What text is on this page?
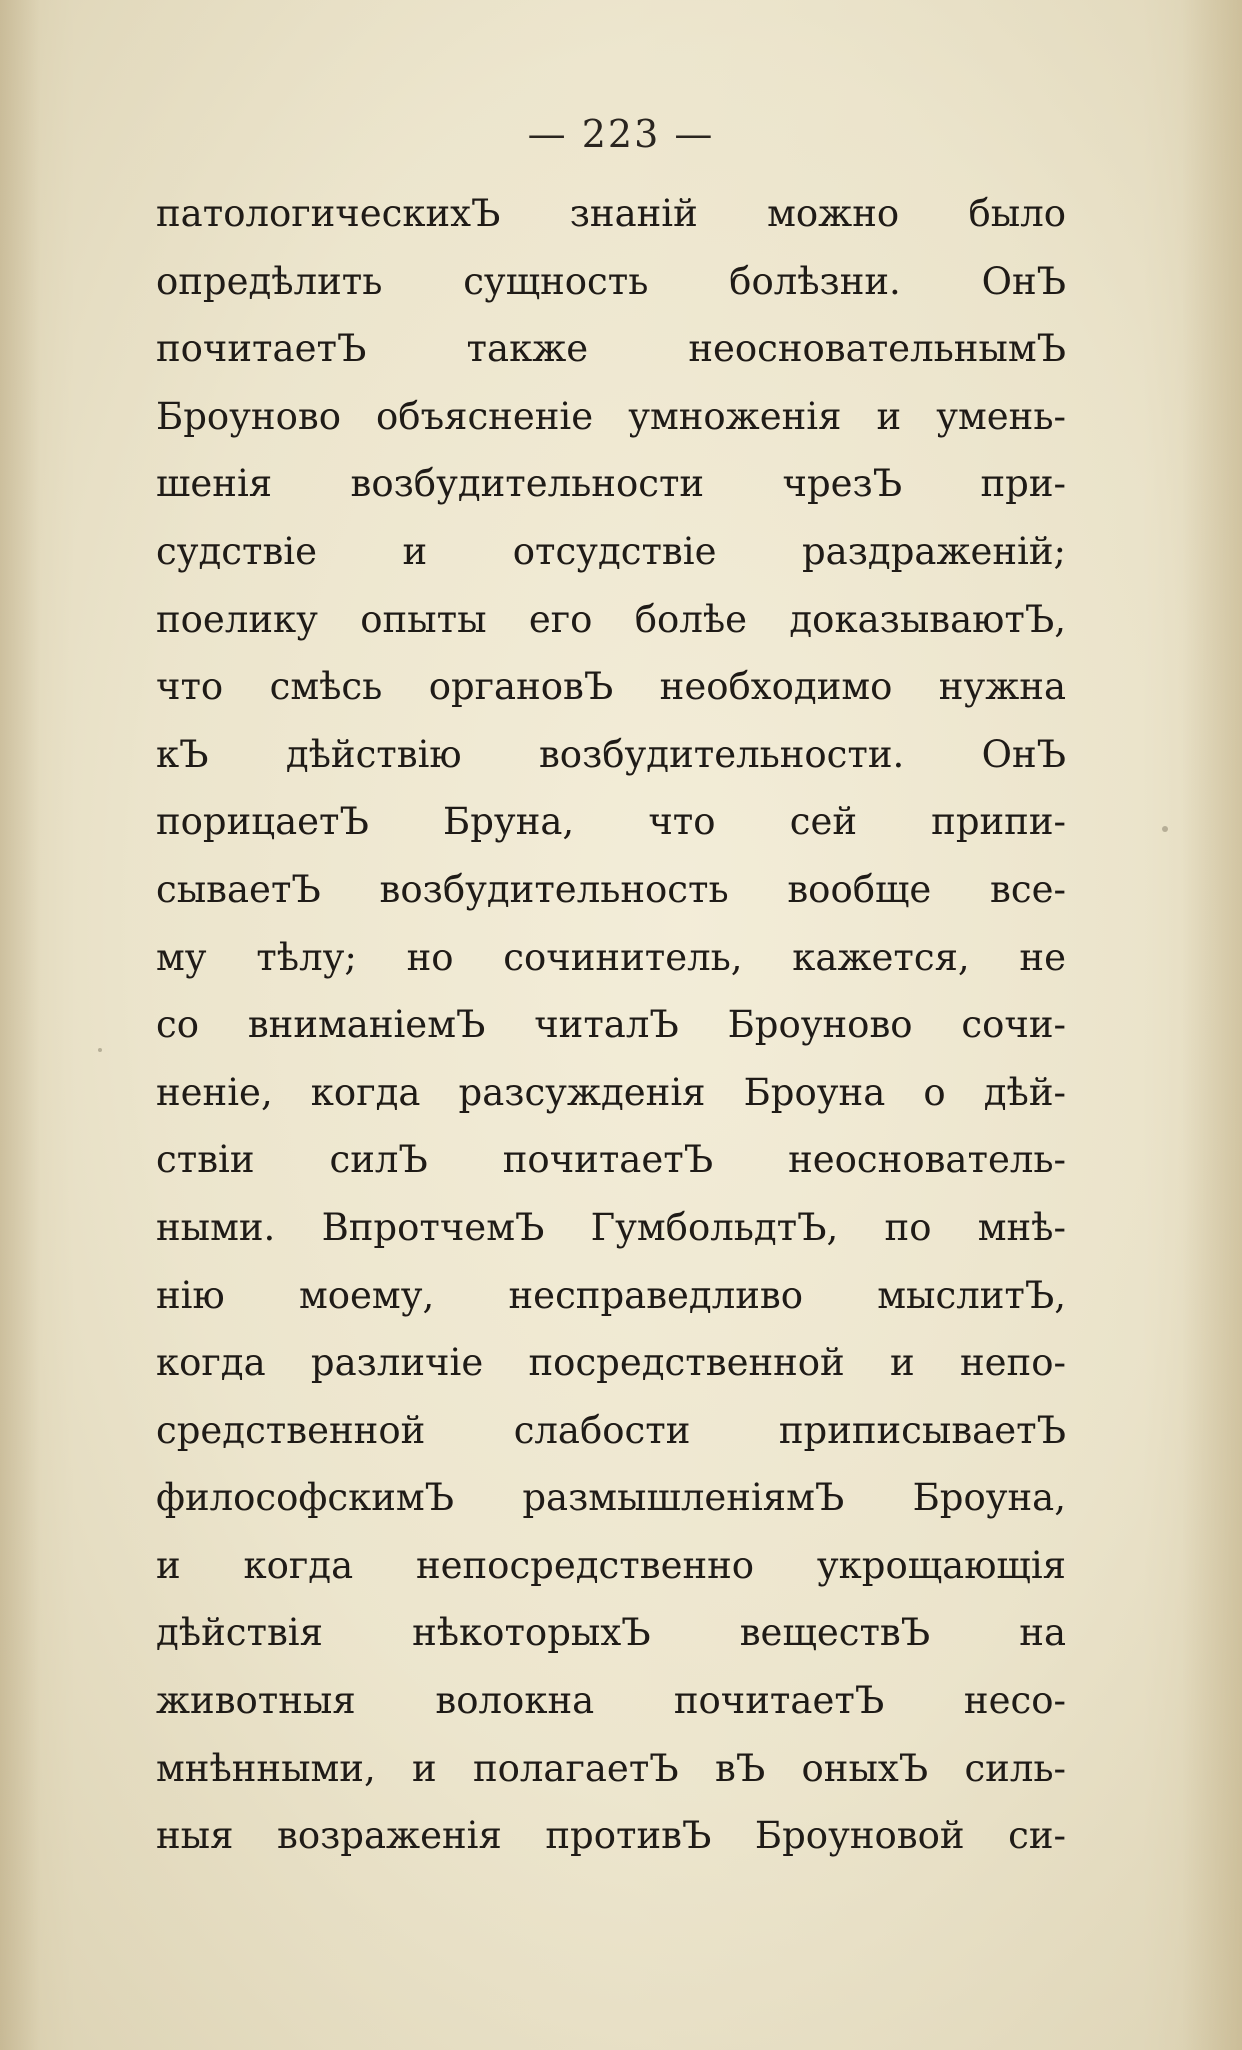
— 223 —
патологическихЪ знаній можно было
опредѣлить сущность болѣзни. ОнЪ
почитаетЪ также неосновательнымЪ
Броуново объясненіе умноженія и умень-
шенія возбудительности чрезЪ при-
судствіе и отсудствіе раздраженій;
поелику опыты его болѣе доказываютЪ,
что смѣсь органовЪ необходимо нужна
кЪ дѣйствію возбудительности. ОнЪ
порицаетЪ Бруна, что сей припи-
сываетЪ возбудительность вообще все-
му тѣлу; но сочинитель, кажется, не
со вниманіемЪ читалЪ Броуново сочи-
неніе, когда разсужденія Броуна о дѣй-
ствіи силЪ почитаетЪ неоснователь-
ными. ВпротчемЪ ГумбольдтЪ, по мнѣ-
нію моему, несправедливо мыслитЪ,
когда различіе посредственной и непо-
средственной слабости приписываетЪ
философскимЪ размышленіямЪ Броуна,
и когда непосредственно укрощающія
дѣйствія нѣкоторыхЪ веществЪ на
животныя волокна почитаетЪ несо-
мнѣнными, и полагаетЪ вЪ оныхЪ силь-
ныя возраженія противЪ Броуновой си-
